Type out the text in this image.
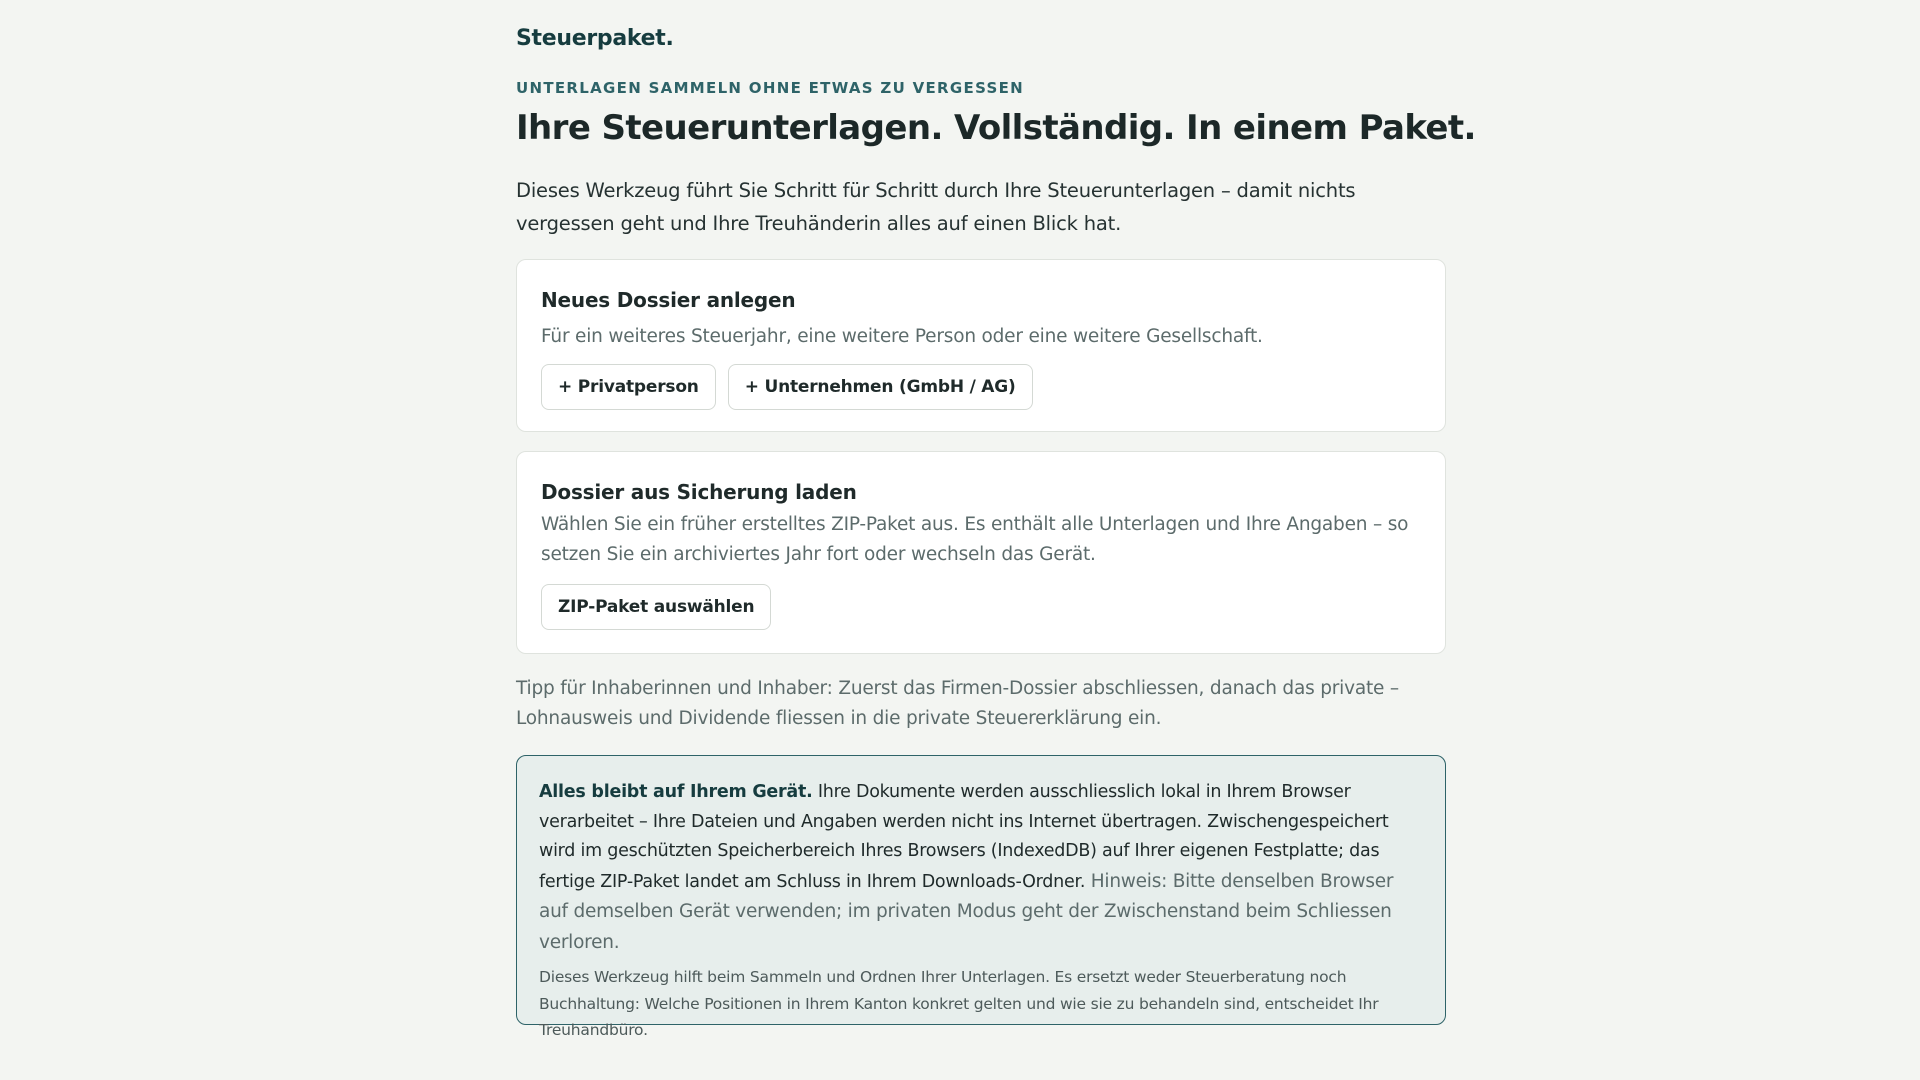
Steuerpaket.
UNTERLAGEN SAMMELN OHNE ETWAS ZU VERGESSEN
Ihre Steuerunterlagen. Vollständig. In einem Paket.

Dieses Werkzeug führt Sie Schritt für Schritt durch Ihre Steuerunterlagen – damit nichts vergessen geht und Ihre Treuhänderin alles auf einen Blick hat.

Neues Dossier anlegen

Für ein weiteres Steuerjahr, eine weitere Person oder eine weitere Gesellschaft.

+ Privatperson	+ Unternehmen (GmbH / AG)
Dossier aus Sicherung laden

Wählen Sie ein früher erstelltes ZIP-Paket aus. Es enthält alle Unterlagen und Ihre Angaben – so setzen Sie ein archiviertes Jahr fort oder wechseln das Gerät.

ZIP-Paket auswählen

Tipp für Inhaberinnen und Inhaber: Zuerst das Firmen-Dossier abschliessen, danach das private – Lohnausweis und Dividende fliessen in die private Steuererklärung ein.

Alles bleibt auf Ihrem Gerät. Ihre Dokumente werden ausschliesslich lokal in Ihrem Browser verarbeitet – Ihre Dateien und Angaben werden nicht ins Internet übertragen. Zwischengespeichert wird im geschützten Speicherbereich Ihres Browsers (IndexedDB) auf Ihrer eigenen Festplatte; das fertige ZIP-Paket landet am Schluss in Ihrem Downloads-Ordner. Hinweis: Bitte denselben Browser auf demselben Gerät verwenden; im privaten Modus geht der Zwischenstand beim Schliessen verloren.

Dieses Werkzeug hilft beim Sammeln und Ordnen Ihrer Unterlagen. Es ersetzt weder Steuerberatung noch Buchhaltung: Welche Positionen in Ihrem Kanton konkret gelten und wie sie zu behandeln sind, entscheidet Ihr Treuhandbüro.
